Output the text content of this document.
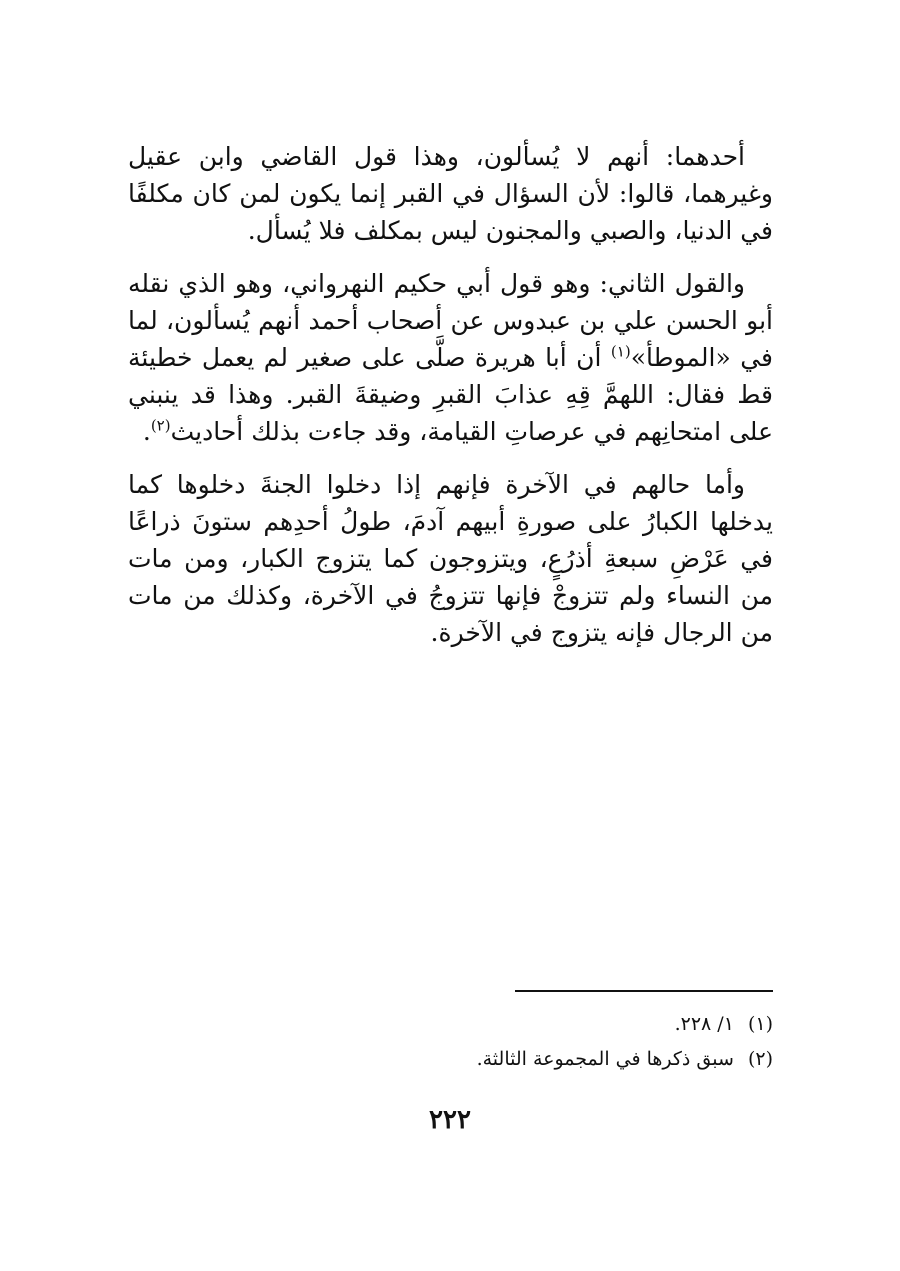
أحدهما: أنهم لا يُسألون، وهذا قول القاضي وابن عقيل وغيرهما، قالوا: لأن السؤال في القبر إنما يكون لمن كان مكلفًا في الدنيا، والصبي والمجنون ليس بمكلف فلا يُسأل.

والقول الثاني: وهو قول أبي حكيم النهرواني، وهو الذي نقله أبو الحسن علي بن عبدوس عن أصحاب أحمد أنهم يُسألون، لما في «الموطأ»$^{(١)}$ أن أبا هريرة صلَّى على صغير لم يعمل خطيئة قط فقال: اللهمَّ قِهِ عذابَ القبرِ وضيقةَ القبر. وهذا قد ينبني على امتحانِهم في عرصاتِ القيامة، وقد جاءت بذلك أحاديث$^{(٢)}$.

وأما حالهم في الآخرة فإنهم إذا دخلوا الجنةَ دخلوها كما يدخلها الكبارُ على صورةِ أبيهم آدمَ، طولُ أحدِهم ستونَ ذراعًا في عَرْضِ سبعةِ أذرُعٍ، ويتزوجون كما يتزوج الكبار، ومن مات من النساء ولم تتزوجْ فإنها تتزوجُ في الآخرة، وكذلك من مات من الرجال فإنه يتزوج في الآخرة.

(١)١/ ٢٢٨.
(٢)سبق ذكرها في المجموعة الثالثة.
٢٢٢
